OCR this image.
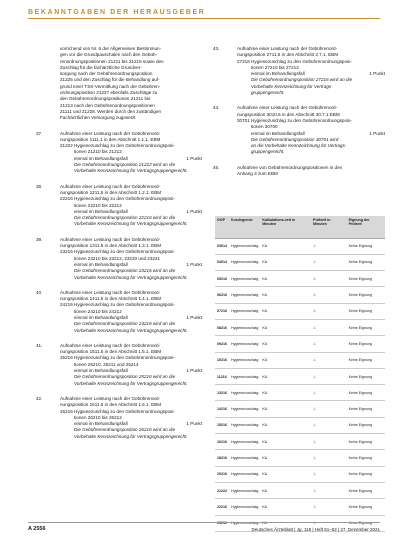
BEKANNTGABEN DER HERAUSGEBER
vorrichend von Nr. 6 der Allgemeinen Bestimmun-
gen vor die Grundpauschalen nach den Gebüh-
renordnungspositionen 21211 bis 21215 sowie den
Zuschlag für die fachärztliche Grundver-
sorgung nach der Gebührenordnungsposition
21225 und den Zuschlag für die Behandlung auf-
grund einer TSS-Vermittlung nach der Gebühren-
ordnungsposition 21237 ebenfalls Zuschläge zu
den Gebührenordnungspositionen 21211 bis
21213 nach den Gebührenordnungspositionen
21111 und 21228. Werden durch den zuständigen
Fachärztlichen Versorgung zugesetzt
37.	Aufnahme einer Leistung nach der Gebührenord-
nungsposition 1111.1 in den Abschnitt 1.1.1. EBM
21222 Hygienezuschlag zu den Gebührenordnungsposi-
tionen 21210 bis 21212
einmal im Behandlungsfall	1 Punkt
Die Gebührenordnungsposition 21222 wird an die
Vorbehalte Kennzeichnung für Vertragsgruppengerecht.
38.	Aufnahme einer Leistung nach der Gebührenord-
nungsposition 1211.5 in den Abschnitt 1.2.1. EBM
22216 Hygienezuschlag zu den Gebührenordnungsposi-
tionen 22210 bis 22212
einmal im Behandlungsfall	1 Punkt
Die Gebührenordnungsposition 22216 wird an die
Vorbehalte Kennzeichnung für Vertragsgruppengerecht.
39.	Aufnahme einer Leistung nach der Gebührenord-
nungsposition 1311.5 in den Abschnitt 1.3.1. EBM
23216 Hygienezuschlag zu den Gebührenordnungsposi-
tionen 23210 bis 23212, 23220 und 23221
einmal im Behandlungsfall	1 Punkt
Die Gebührenordnungsposition 23216 wird an die
Vorbehalte Kennzeichnung für Vertragsgruppengerecht.
40.	Aufnahme einer Leistung nach der Gebührenord-
nungsposition 1411.5 in den Abschnitt 1.4.1. EBM
24216 Hygienezuschlag zu den Gebührenordnungsposi-
tionen 24210 bis 24212
einmal im Behandlungsfall	1 Punkt
Die Gebührenordnungsposition 24216 wird an die
Vorbehalte Kennzeichnung für Vertragsgruppengerecht.
41.	Aufnahme einer Leistung nach der Gebührenord-
nungsposition 1511.5 in den Abschnitt 1.5.1. EBM
25216 Hygienezuschlag zu den Gebührenordnungsposi-
tionen 25210, 25211 und 25214
einmal im Behandlungsfall	1 Punkt
Die Gebührenordnungsposition 25216 wird an die
Vorbehalte Kennzeichnung für Vertragsgruppengerecht.
42.	Aufnahme einer Leistung nach der Gebührenord-
nungsposition 1611.5 in den Abschnitt 1.6.1. EBM
26216 Hygienezuschlag zu den Gebührenordnungsposi-
tionen 26210 bis 26212
einmal im Behandlungsfall	1 Punkt
Die Gebührenordnungsposition 26216 wird an die
Vorbehalte Kennzeichnung für Vertragsgruppengerecht.
43.	Aufnahme einer Leistung nach der Gebührenord-
nungsposition 2711.5 in den Abschnitt 2.7.1. EBM
27216 Hygienezuschlag zu den Gebührenordnungsposi-
tionen 27210 bis 27212
einmal im Behandlungsfall	1 Punkt
Die Gebührenordnungsposition 27216 wird an die
Vorbehalte Kennzeichnung für Vertrags-
gruppengerecht.
44.	Aufnahme einer Leistung nach der Gebührenord-
nungsposition 3010.5 in den Abschnitt 30.7.1 EBM
30701 Hygienezuschlag zu den Gebührenordnungsposi-
tionen 30700
einmal im Behandlungsfall	1 Punkt
Die Gebührenordnungsposition 30701 wird
an die Vorbehalte Kennzeichnung für Vertrags-
gruppengerecht.
45.	Aufnahme von Gebührenordnungspositionen in den
Anhang 3 zum EBM
GOP	Kurzlegende	Kalkulations-zeit in Minuten	Prüfzeit in Minuten	Eignung der Prüfzeit
03014	Hygienezuschlag	KA	./.	Keine Eignung
04014	Hygienezuschlag	KA	./.	Keine Eignung
05216	Hygienezuschlag	KA	./.	Keine Eignung
06216	Hygienezuschlag	KA	./.	Keine Eignung
07216	Hygienezuschlag	KA	./.	Keine Eignung
08216	Hygienezuschlag	KA	./.	Keine Eignung
09216	Hygienezuschlag	KA	./.	Keine Eignung
10216	Hygienezuschlag	KA	./.	Keine Eignung
11216	Hygienezuschlag	KA	./.	Keine Eignung
13216	Hygienezuschlag	KA	./.	Keine Eignung
14216	Hygienezuschlag	KA	./.	Keine Eignung
15216	Hygienezuschlag	KA	./.	Keine Eignung
16216	Hygienezuschlag	KA	./.	Keine Eignung
18216	Hygienezuschlag	KA	./.	Keine Eignung
20216	Hygienezuschlag	KA	./.	Keine Eignung
21222	Hygienezuschlag	KA	./.	Keine Eignung
22216	Hygienezuschlag	KA	./.	Keine Eignung
23216	Hygienezuschlag	KA	./.	Keine Eignung
A 2556	Deutsches Ärzteblatt | Jg. 118 | Heft 51–52 | 27. Dezember 2021
